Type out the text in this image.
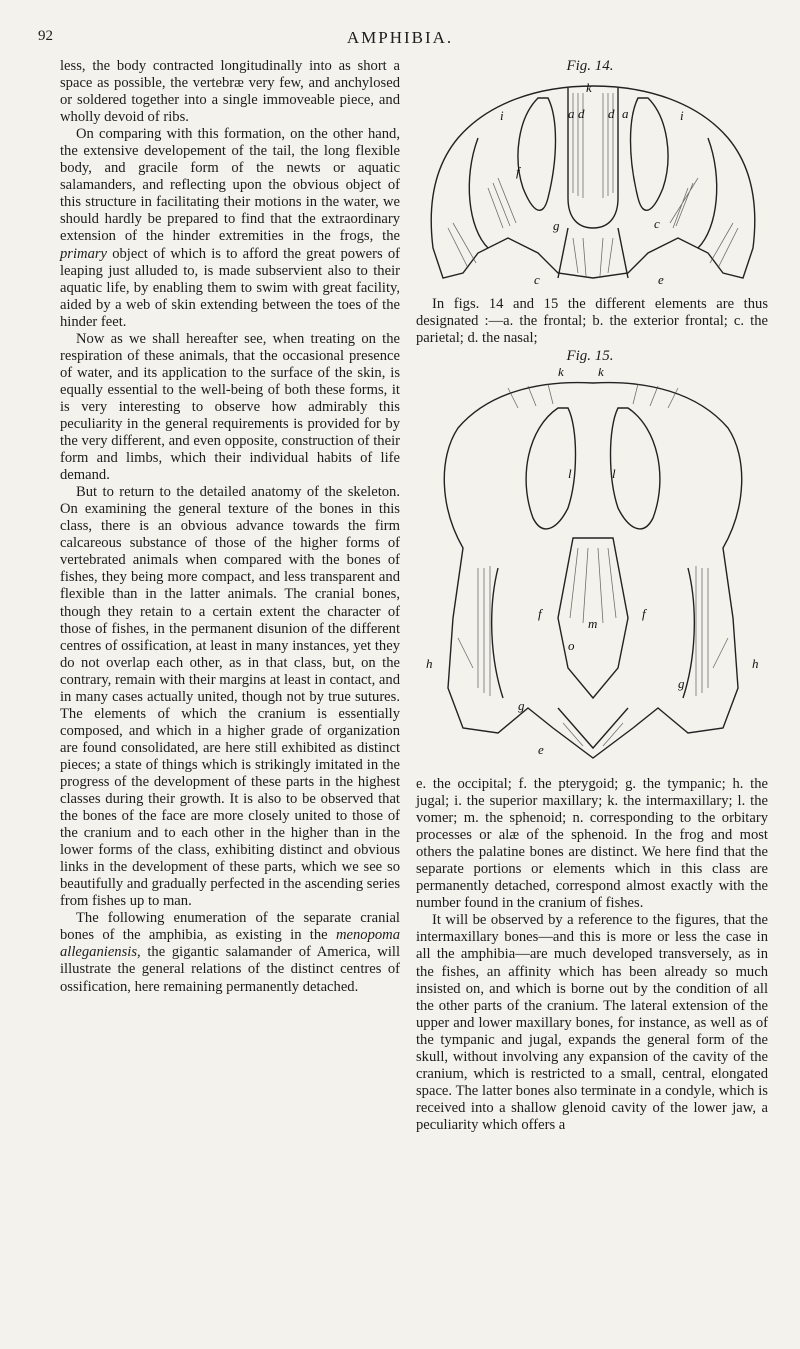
92	AMPHIBIA.

less, the body contracted longitudinally into as short a space as possible, the vertebræ very few, and anchylosed or soldered together into a single immoveable piece, and wholly devoid of ribs.

On comparing with this formation, on the other hand, the extensive developement of the tail, the long flexible body, and gracile form of the newts or aquatic salamanders, and reflecting upon the obvious object of this structure in facilitating their motions in the water, we should hardly be prepared to find that the extraordinary extension of the hinder extremities in the frogs, the primary object of which is to afford the great powers of leaping just alluded to, is made subservient also to their aquatic life, by enabling them to swim with great facility, aided by a web of skin extending between the toes of the hinder feet.

Now as we shall hereafter see, when treating on the respiration of these animals, that the occasional presence of water, and its application to the surface of the skin, is equally essential to the well-being of both these forms, it is very interesting to observe how admirably this peculiarity in the general requirements is provided for by the very different, and even opposite, construction of their form and limbs, which their individual habits of life demand.

But to return to the detailed anatomy of the skeleton. On examining the general texture of the bones in this class, there is an obvious advance towards the firm calcareous substance of those of the higher forms of vertebrated animals when compared with the bones of fishes, they being more compact, and less transparent and flexible than in the latter animals. The cranial bones, though they retain to a certain extent the character of those of fishes, in the permanent disunion of the different centres of ossification, at least in many instances, yet they do not overlap each other, as in that class, but, on the contrary, remain with their margins at least in contact, and in many cases actually united, though not by true sutures. The elements of which the cranium is essentially composed, and which in a higher grade of organization are found consolidated, are here still exhibited as distinct pieces; a state of things which is strikingly imitated in the progress of the development of these parts in the highest classes during their growth. It is also to be observed that the bones of the face are more closely united to those of the cranium and to each other in the higher than in the lower forms of the class, exhibiting distinct and obvious links in the development of these parts, which we see so beautifully and gradually perfected in the ascending series from fishes up to man.

The following enumeration of the separate cranial bones of the amphibia, as existing in the menopoma alleganiensis, the gigantic salamander of America, will illustrate the general relations of the distinct centres of ossification, here remaining permanently detached.

Fig. 14.
k
i	a d d a	i
f
g	c
c	e

In figs. 14 and 15 the different elements are thus designated :—a. the frontal; b. the exterior frontal; c. the parietal; d. the nasal;

Fig. 15.
k	k
l	l
f	f
m
o
h	h
g
g
e

e. the occipital; f. the pterygoid; g. the tympanic; h. the jugal; i. the superior maxillary; k. the intermaxillary; l. the vomer; m. the sphenoid; n. corresponding to the orbitary processes or alæ of the sphenoid. In the frog and most others the palatine bones are distinct. We here find that the separate portions or elements which in this class are permanently detached, correspond almost exactly with the number found in the cranium of fishes.

It will be observed by a reference to the figures, that the intermaxillary bones—and this is more or less the case in all the amphibia—are much developed transversely, as in the fishes, an affinity which has been already so much insisted on, and which is borne out by the condition of all the other parts of the cranium. The lateral extension of the upper and lower maxillary bones, for instance, as well as of the tympanic and jugal, expands the general form of the skull, without involving any expansion of the cavity of the cranium, which is restricted to a small, central, elongated space. The latter bones also terminate in a condyle, which is received into a shallow glenoid cavity of the lower jaw, a peculiarity which offers a
